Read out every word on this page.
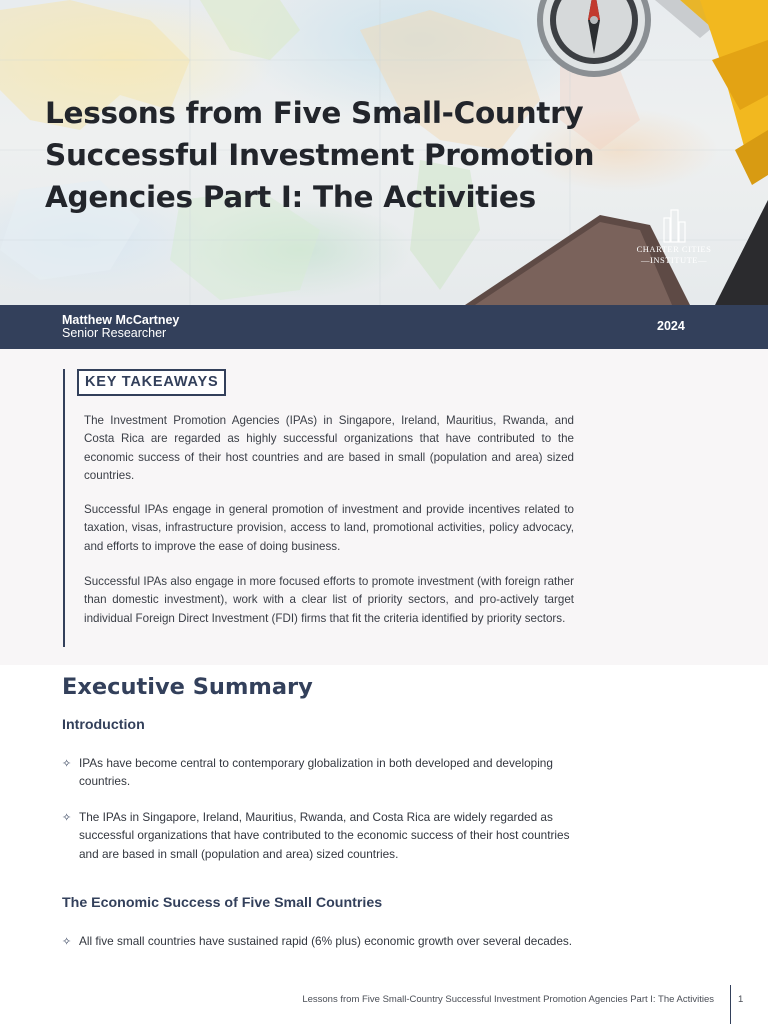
Lessons from Five Small-Country Successful Investment Promotion Agencies Part I: The Activities
CHARTER CITIES
—INSTITUTE—
Matthew McCartney
Senior Researcher	2024
KEY TAKEAWAYS

The Investment Promotion Agencies (IPAs) in Singapore, Ireland, Mauritius, Rwanda, and Costa Rica are regarded as highly successful organizations that have contributed to the economic success of their host countries and are based in small (population and area) sized countries.

Successful IPAs engage in general promotion of investment and provide incentives related to taxation, visas, infrastructure provision, access to land, promotional activities, policy advocacy, and efforts to improve the ease of doing business.

Successful IPAs also engage in more focused efforts to promote investment (with foreign rather than domestic investment), work with a clear list of priority sectors, and pro-actively target individual Foreign Direct Investment (FDI) firms that fit the criteria identified by priority sectors.

Executive Summary
Introduction
✧ IPAs have become central to contemporary globalization in both developed and developing countries.
✧ The IPAs in Singapore, Ireland, Mauritius, Rwanda, and Costa Rica are widely regarded as successful organizations that have contributed to the economic success of their host countries and are based in small (population and area) sized countries.
The Economic Success of Five Small Countries
✧ All five small countries have sustained rapid (6% plus) economic growth over several decades.
Lessons from Five Small-Country Successful Investment Promotion Agencies Part I: The Activities	1
